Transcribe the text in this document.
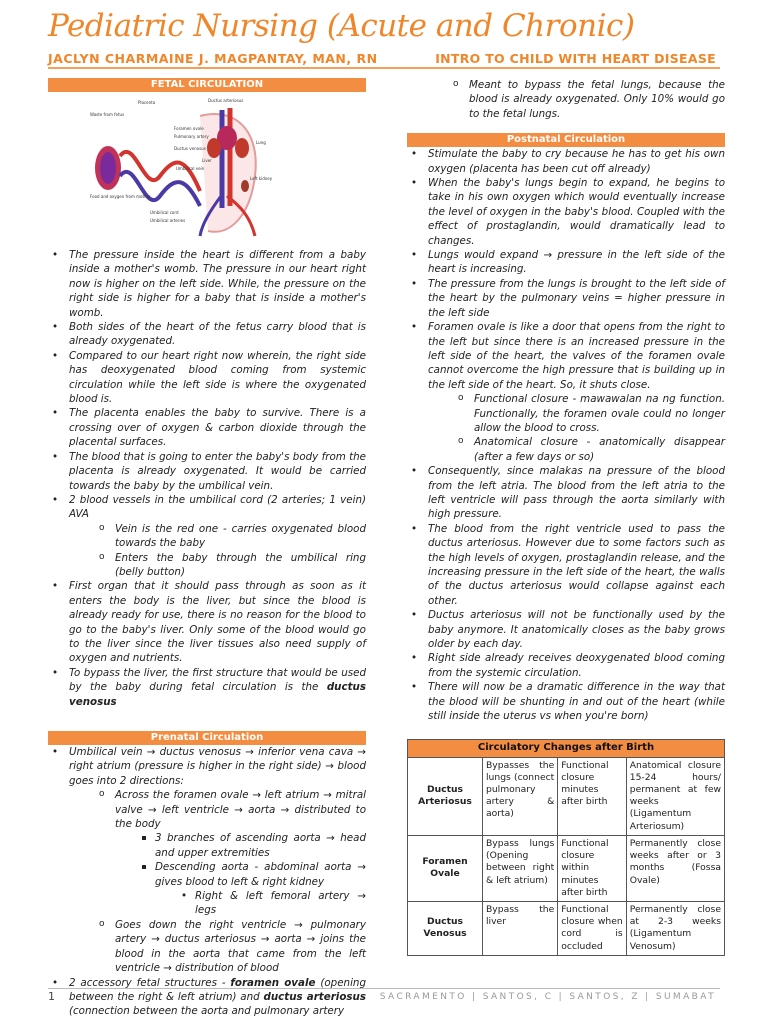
Pediatric Nursing (Acute and Chronic)
JACLYN CHARMAINE J. MAGPANTAY, MAN, RN	INTRO TO CHILD WITH HEART DISEASE
FETAL CIRCULATION
Placenta	Ductus arteriosus
Waste from fetus
Foramen ovale
Pulmonary artery
Ductus venosus
Food and oxygen from mother
Liver
Umbilical vein
Umbilical cord
Umbilical arteries
Left kidney
Lung
• The pressure inside the heart is different from a baby inside a mother's womb. The pressure in our heart right now is higher on the left side. While, the pressure on the right side is higher for a baby that is inside a mother's womb.
• Both sides of the heart of the fetus carry blood that is already oxygenated.
• Compared to our heart right now wherein, the right side has deoxygenated blood coming from systemic circulation while the left side is where the oxygenated blood is.
• The placenta enables the baby to survive. There is a crossing over of oxygen & carbon dioxide through the placental surfaces.
• The blood that is going to enter the baby's body from the placenta is already oxygenated. It would be carried towards the baby by the umbilical vein.
• 2 blood vessels in the umbilical cord (2 arteries; 1 vein) AVA
o Vein is the red one - carries oxygenated blood towards the baby
o Enters the baby through the umbilical ring (belly button)
• First organ that it should pass through as soon as it enters the body is the liver, but since the blood is already ready for use, there is no reason for the blood to go to the baby's liver. Only some of the blood would go to the liver since the liver tissues also need supply of oxygen and nutrients.
• To bypass the liver, the first structure that would be used by the baby during fetal circulation is the ductus venosus
Prenatal Circulation
• Umbilical vein → ductus venosus → inferior vena cava → right atrium (pressure is higher in the right side) → blood goes into 2 directions:
o Across the foramen ovale → left atrium → mitral valve → left ventricle → aorta → distributed to the body
3 branches of ascending aorta → head and upper extremities
Descending aorta - abdominal aorta → gives blood to left & right kidney
• Right & left femoral artery → legs
o Goes down the right ventricle → pulmonary artery → ductus arteriosus → aorta → joins the blood in the aorta that came from the left ventricle → distribution of blood
• 2 accessory fetal structures - foramen ovale (opening between the right & left atrium) and ductus arteriosus (connection between the aorta and pulmonary artery
o Meant to bypass the fetal lungs, because the blood is already oxygenated. Only 10% would go to the fetal lungs.
Postnatal Circulation
• Stimulate the baby to cry because he has to get his own oxygen (placenta has been cut off already)
• When the baby's lungs begin to expand, he begins to take in his own oxygen which would eventually increase the level of oxygen in the baby's blood. Coupled with the effect of prostaglandin, would dramatically lead to changes.
• Lungs would expand → pressure in the left side of the heart is increasing.
• The pressure from the lungs is brought to the left side of the heart by the pulmonary veins = higher pressure in the left side
• Foramen ovale is like a door that opens from the right to the left but since there is an increased pressure in the left side of the heart, the valves of the foramen ovale cannot overcome the high pressure that is building up in the left side of the heart. So, it shuts close.
o Functional closure - mawawalan na ng function. Functionally, the foramen ovale could no longer allow the blood to cross.
o Anatomical closure - anatomically disappear (after a few days or so)
• Consequently, since malakas na pressure of the blood from the left atria. The blood from the left atria to the left ventricle will pass through the aorta similarly with high pressure.
• The blood from the right ventricle used to pass the ductus arteriosus. However due to some factors such as the high levels of oxygen, prostaglandin release, and the increasing pressure in the left side of the heart, the walls of the ductus arteriosus would collapse against each other.
• Ductus arteriosus will not be functionally used by the baby anymore. It anatomically closes as the baby grows older by each day.
• Right side already receives deoxygenated blood coming from the systemic circulation.
• There will now be a dramatic difference in the way that the blood will be shunting in and out of the heart (while still inside the uterus vs when you're born)
Circulatory Changes after Birth			
Ductus Arteriosus	Bypasses the lungs (connect pulmonary artery & aorta)	Functional closure minutes after birth	Anatomical closure 15-24 hours/ permanent at few weeks (Ligamentum Arteriosum)
Foramen Ovale	Bypass lungs (Opening between right & left atrium)	Functional closure within minutes after birth	Permanently close weeks after or 3 months (Fossa Ovale)
Ductus Venosus	Bypass the liver	Functional closure when cord is occluded	Permanently close at 2-3 weeks (Ligamentum Venosum)
1	SACRAMENTO | SANTOS, C | SANTOS, Z | SUMABAT
